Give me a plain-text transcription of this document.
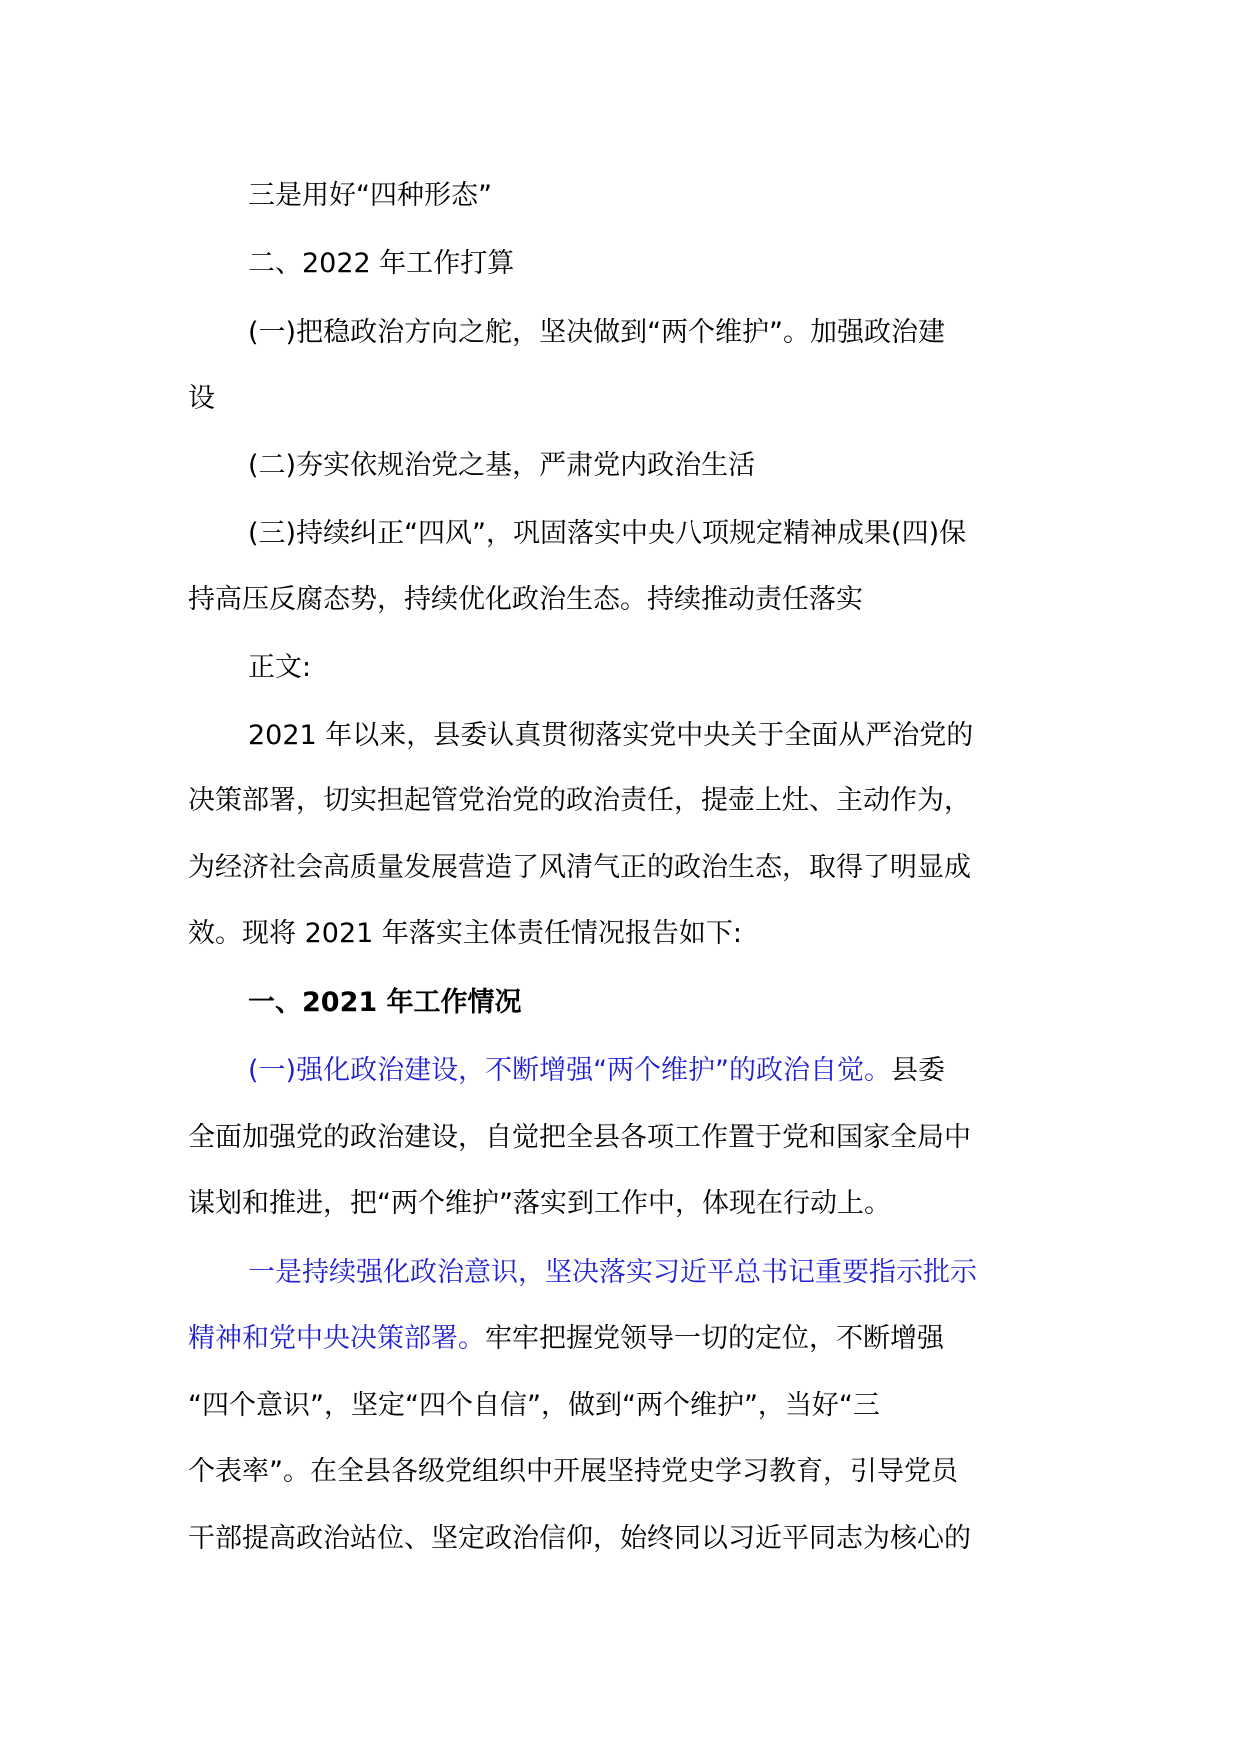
三是用好“四种形态”
二、2022 年工作打算
(一)把稳政治方向之舵，坚决做到“两个维护”。加强政治建
设
(二)夯实依规治党之基，严肃党内政治生活
(三)持续纠正“四风”，巩固落实中央八项规定精神成果(四)保
持高压反腐态势，持续优化政治生态。持续推动责任落实
正文:
2021 年以来，县委认真贯彻落实党中央关于全面从严治党的
决策部署，切实担起管党治党的政治责任，提壶上灶、主动作为，
为经济社会高质量发展营造了风清气正的政治生态，取得了明显成
效。现将 2021 年落实主体责任情况报告如下:
一、2021 年工作情况
(一)强化政治建设，不断增强“两个维护”的政治自觉。县委
全面加强党的政治建设，自觉把全县各项工作置于党和国家全局中
谋划和推进，把“两个维护”落实到工作中，体现在行动上。
一是持续强化政治意识，坚决落实习近平总书记重要指示批示
精神和党中央决策部署。牢牢把握党领导一切的定位，不断增强
“四个意识”，坚定“四个自信”，做到“两个维护”，当好“三
个表率”。在全县各级党组织中开展坚持党史学习教育，引导党员
干部提高政治站位、坚定政治信仰，始终同以习近平同志为核心的
